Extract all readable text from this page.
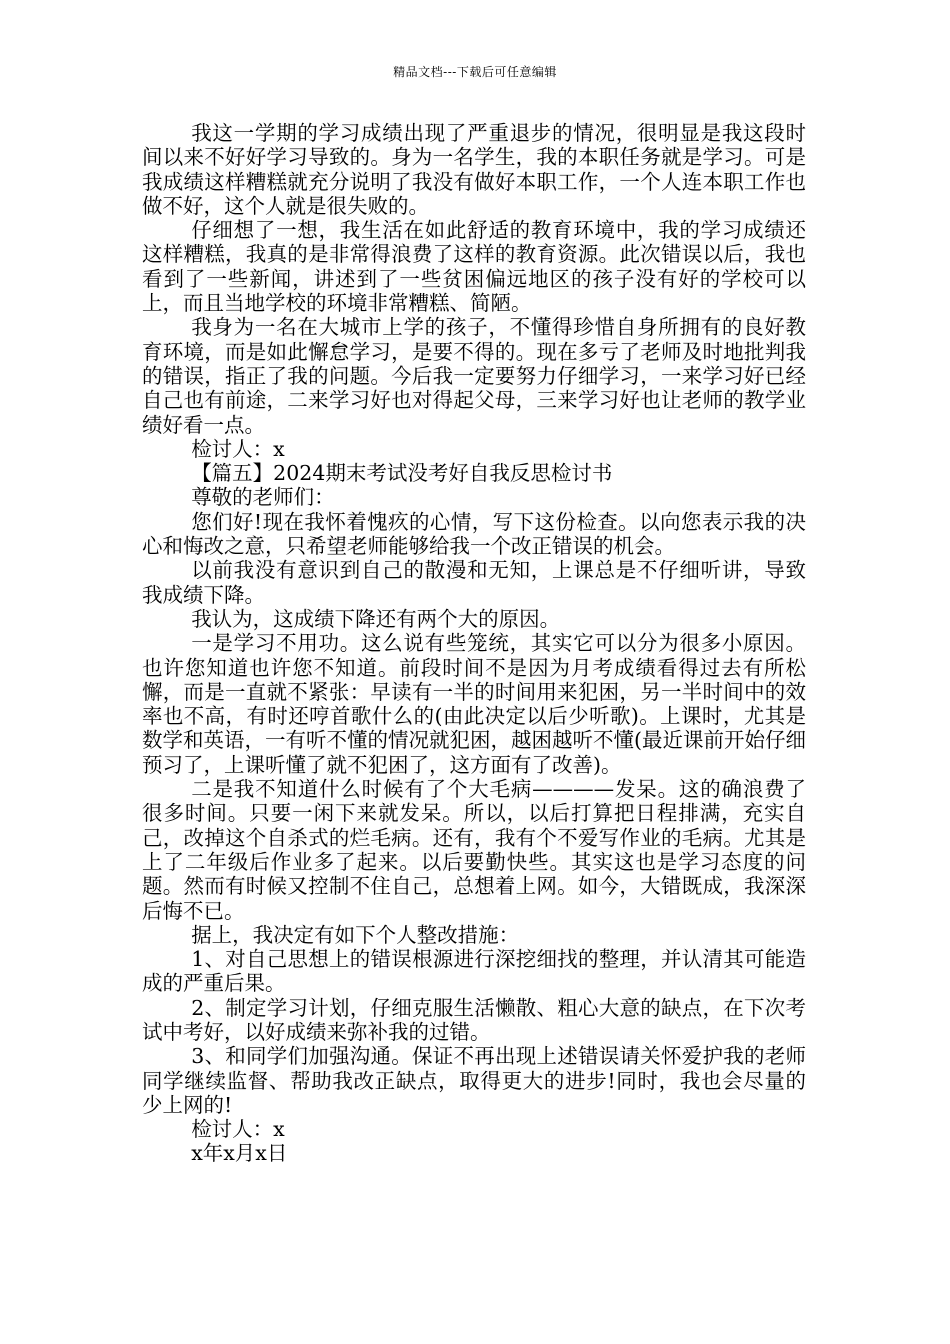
精品文档---下载后可任意编辑

我这一学期的学习成绩出现了严重退步的情况，很明显是我这段时间以来不好好学习导致的。身为一名学生，我的本职任务就是学习。可是我成绩这样糟糕就充分说明了我没有做好本职工作，一个人连本职工作也做不好，这个人就是很失败的。

仔细想了一想，我生活在如此舒适的教育环境中，我的学习成绩还这样糟糕，我真的是非常得浪费了这样的教育资源。此次错误以后，我也看到了一些新闻，讲述到了一些贫困偏远地区的孩子没有好的学校可以上，而且当地学校的环境非常糟糕、简陋。

我身为一名在大城市上学的孩子，不懂得珍惜自身所拥有的良好教育环境，而是如此懈怠学习，是要不得的。现在多亏了老师及时地批判我的错误，指正了我的问题。今后我一定要努力仔细学习，一来学习好已经自己也有前途，二来学习好也对得起父母，三来学习好也让老师的教学业绩好看一点。

检讨人：x

【篇五】2024期末考试没考好自我反思检讨书

尊敬的老师们：

您们好!现在我怀着愧疚的心情，写下这份检查。以向您表示我的决心和悔改之意，只希望老师能够给我一个改正错误的机会。

以前我没有意识到自己的散漫和无知，上课总是不仔细听讲，导致我成绩下降。

我认为，这成绩下降还有两个大的原因。

一是学习不用功。这么说有些笼统，其实它可以分为很多小原因。也许您知道也许您不知道。前段时间不是因为月考成绩看得过去有所松懈，而是一直就不紧张：早读有一半的时间用来犯困，另一半时间中的效率也不高，有时还哼首歌什么的(由此决定以后少听歌)。上课时，尤其是数学和英语，一有听不懂的情况就犯困，越困越听不懂(最近课前开始仔细预习了，上课听懂了就不犯困了，这方面有了改善)。

二是我不知道什么时候有了个大毛病————发呆。这的确浪费了很多时间。只要一闲下来就发呆。所以，以后打算把日程排满，充实自己，改掉这个自杀式的烂毛病。还有，我有个不爱写作业的毛病。尤其是上了二年级后作业多了起来。以后要勤快些。其实这也是学习态度的问题。然而有时候又控制不住自己，总想着上网。如今，大错既成，我深深后悔不已。

据上，我决定有如下个人整改措施：

1、对自己思想上的错误根源进行深挖细找的整理，并认清其可能造成的严重后果。

2、制定学习计划，仔细克服生活懒散、粗心大意的缺点，在下次考试中考好，以好成绩来弥补我的过错。

3、和同学们加强沟通。保证不再出现上述错误请关怀爱护我的老师同学继续监督、帮助我改正缺点，取得更大的进步!同时，我也会尽量的少上网的!

检讨人：x

x年x月x日
